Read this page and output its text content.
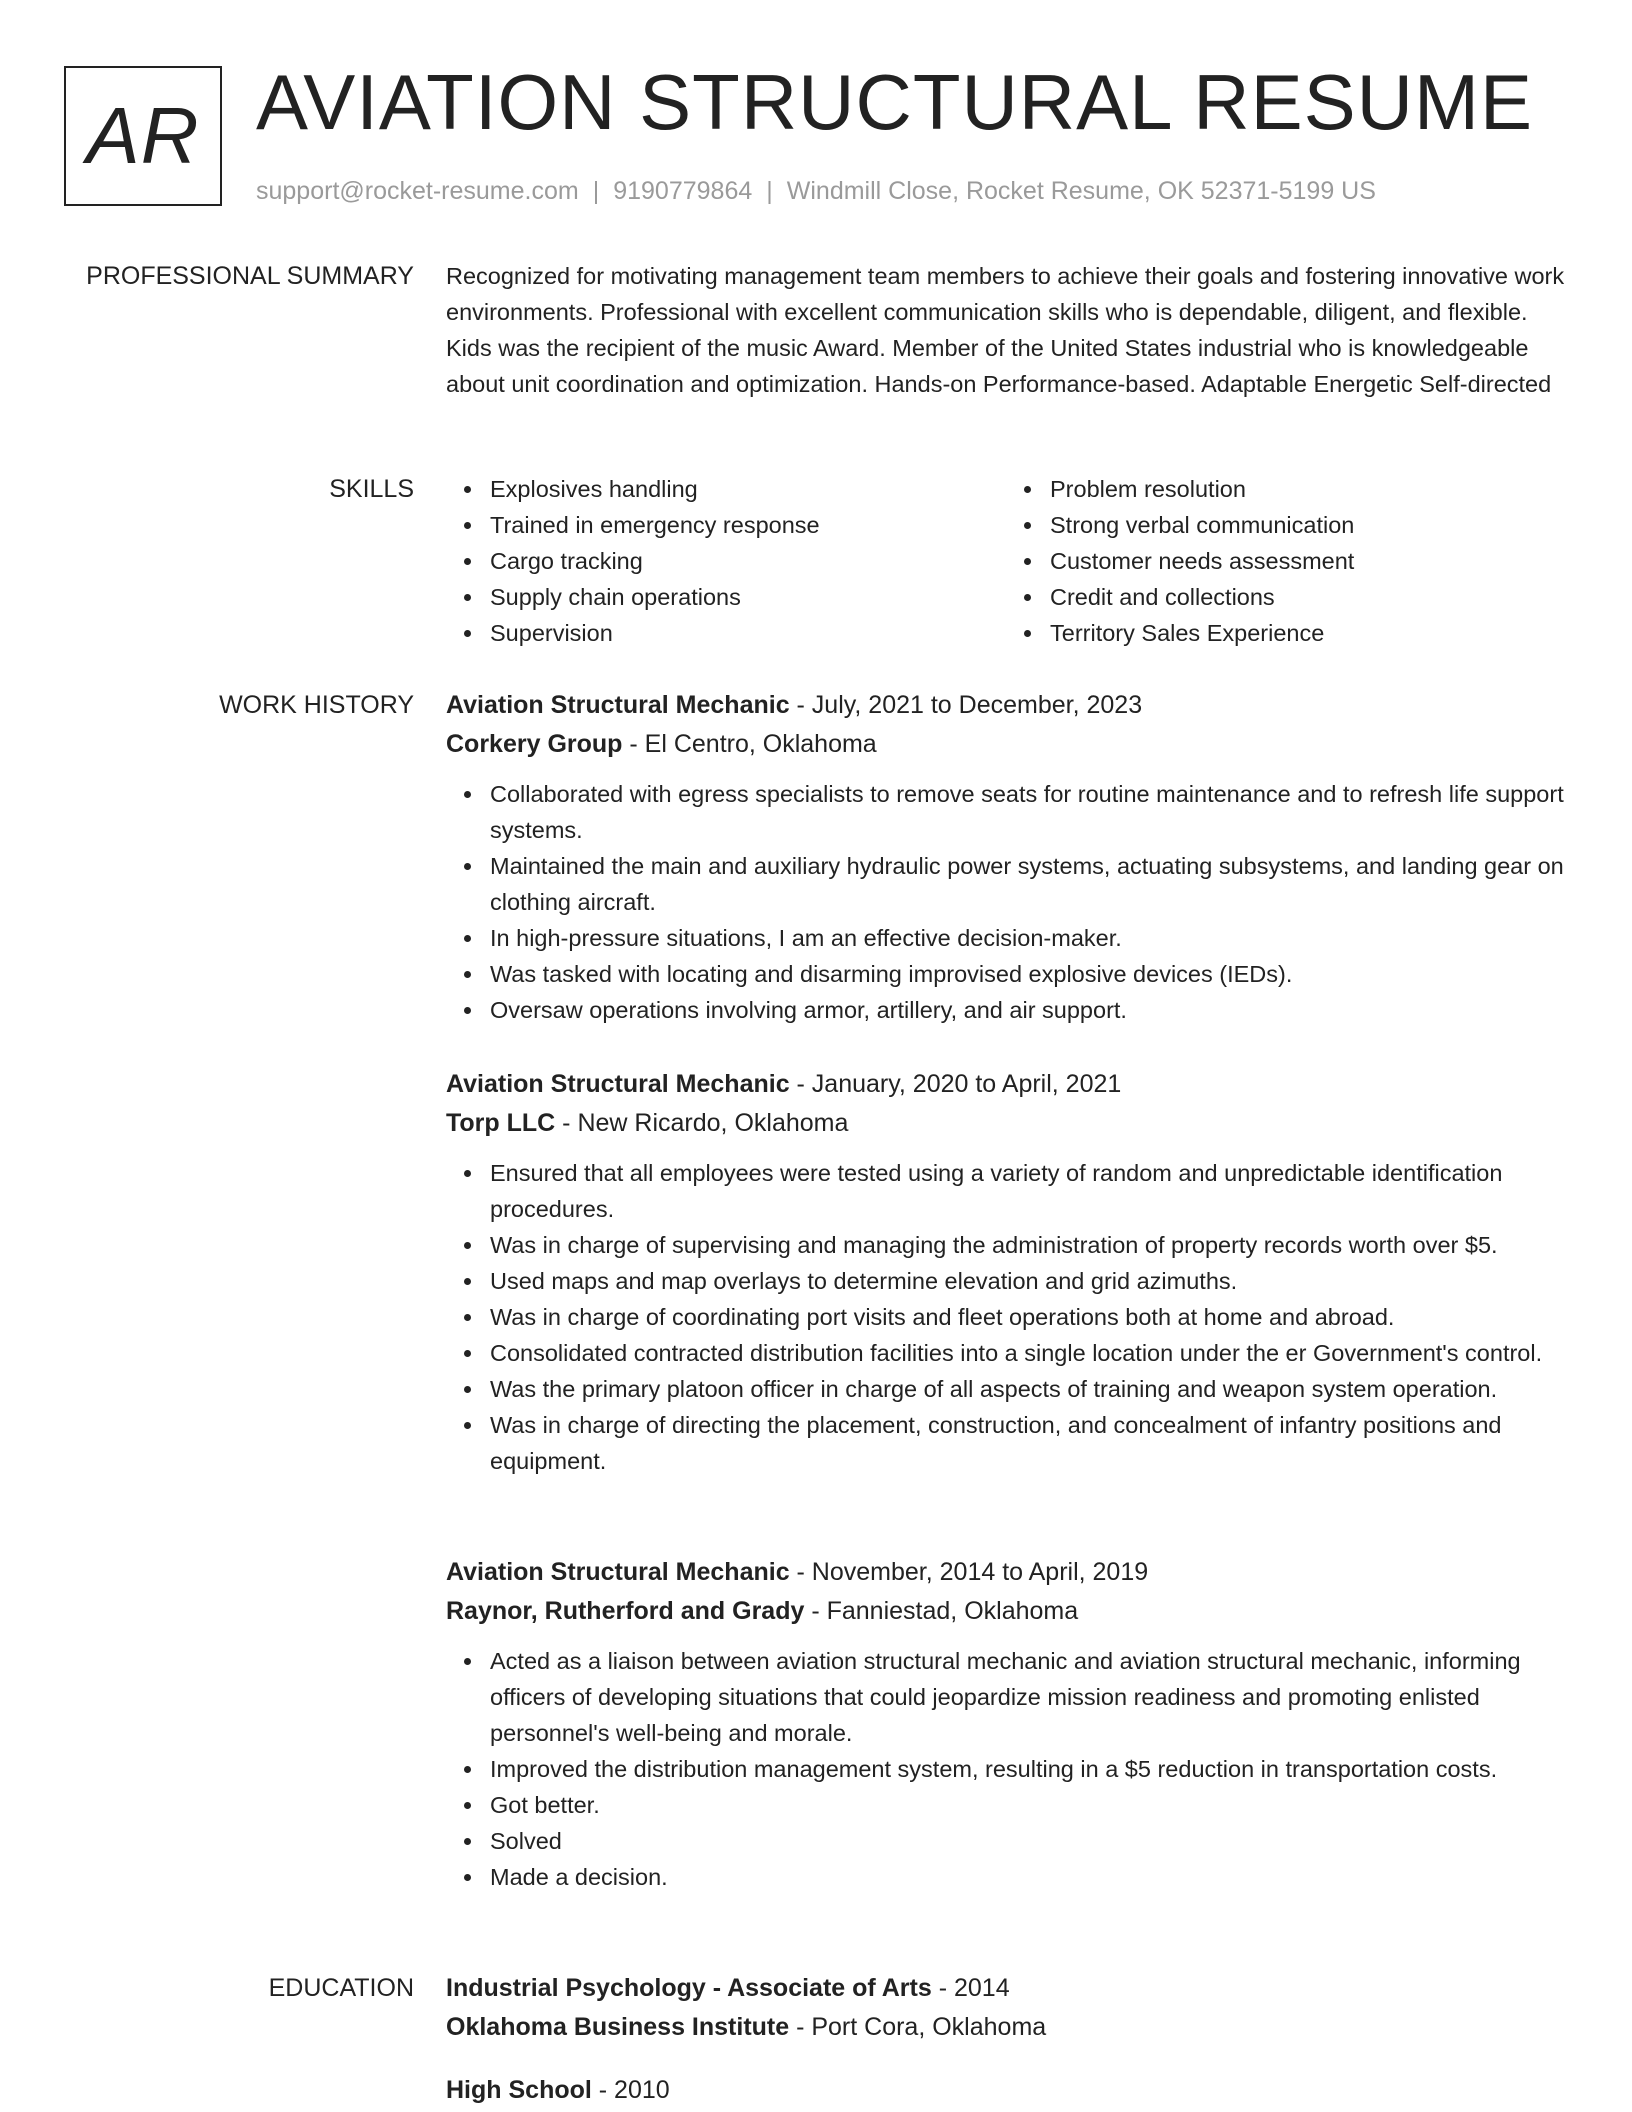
AR AVIATION STRUCTURAL RESUME
support@rocket-resume.com | 9190779864 | Windmill Close, Rocket Resume, OK 52371-5199 US
PROFESSIONAL SUMMARY Recognized for motivating management team members to achieve their goals and fostering innovative work environments. Professional with excellent communication skills who is dependable, diligent, and flexible. Kids was the recipient of the music Award. Member of the United States industrial who is knowledgeable about unit coordination and optimization. Hands-on Performance-based. Adaptable Energetic Self-directed

SKILLS	Explosives handling
Trained in emergency response
Cargo tracking
Supply chain operations
Supervision
Problem resolution
Strong verbal communication
Customer needs assessment
Credit and collections
Territory Sales Experience
WORK HISTORY Aviation Structural Mechanic - July, 2021 to December, 2023
Corkery Group - El Centro, Oklahoma
Collaborated with egress specialists to remove seats for routine maintenance and to refresh life support systems.
Maintained the main and auxiliary hydraulic power systems, actuating subsystems, and landing gear on clothing aircraft.
In high-pressure situations, I am an effective decision-maker.
Was tasked with locating and disarming improvised explosive devices (IEDs).
Oversaw operations involving armor, artillery, and air support.
Aviation Structural Mechanic - January, 2020 to April, 2021
Torp LLC - New Ricardo, Oklahoma
Ensured that all employees were tested using a variety of random and unpredictable identification procedures.
Was in charge of supervising and managing the administration of property records worth over $5.
Used maps and map overlays to determine elevation and grid azimuths.
Was in charge of coordinating port visits and fleet operations both at home and abroad.
Consolidated contracted distribution facilities into a single location under the er Government's control.
Was the primary platoon officer in charge of all aspects of training and weapon system operation.
Was in charge of directing the placement, construction, and concealment of infantry positions and equipment.
Aviation Structural Mechanic - November, 2014 to April, 2019
Raynor, Rutherford and Grady - Fanniestad, Oklahoma
Acted as a liaison between aviation structural mechanic and aviation structural mechanic, informing officers of developing situations that could jeopardize mission readiness and promoting enlisted personnel's well-being and morale.
Improved the distribution management system, resulting in a $5 reduction in transportation costs.
Got better.
Solved
Made a decision.
EDUCATION Industrial Psychology - Associate of Arts - 2014
Oklahoma Business Institute - Port Cora, Oklahoma
High School - 2010
